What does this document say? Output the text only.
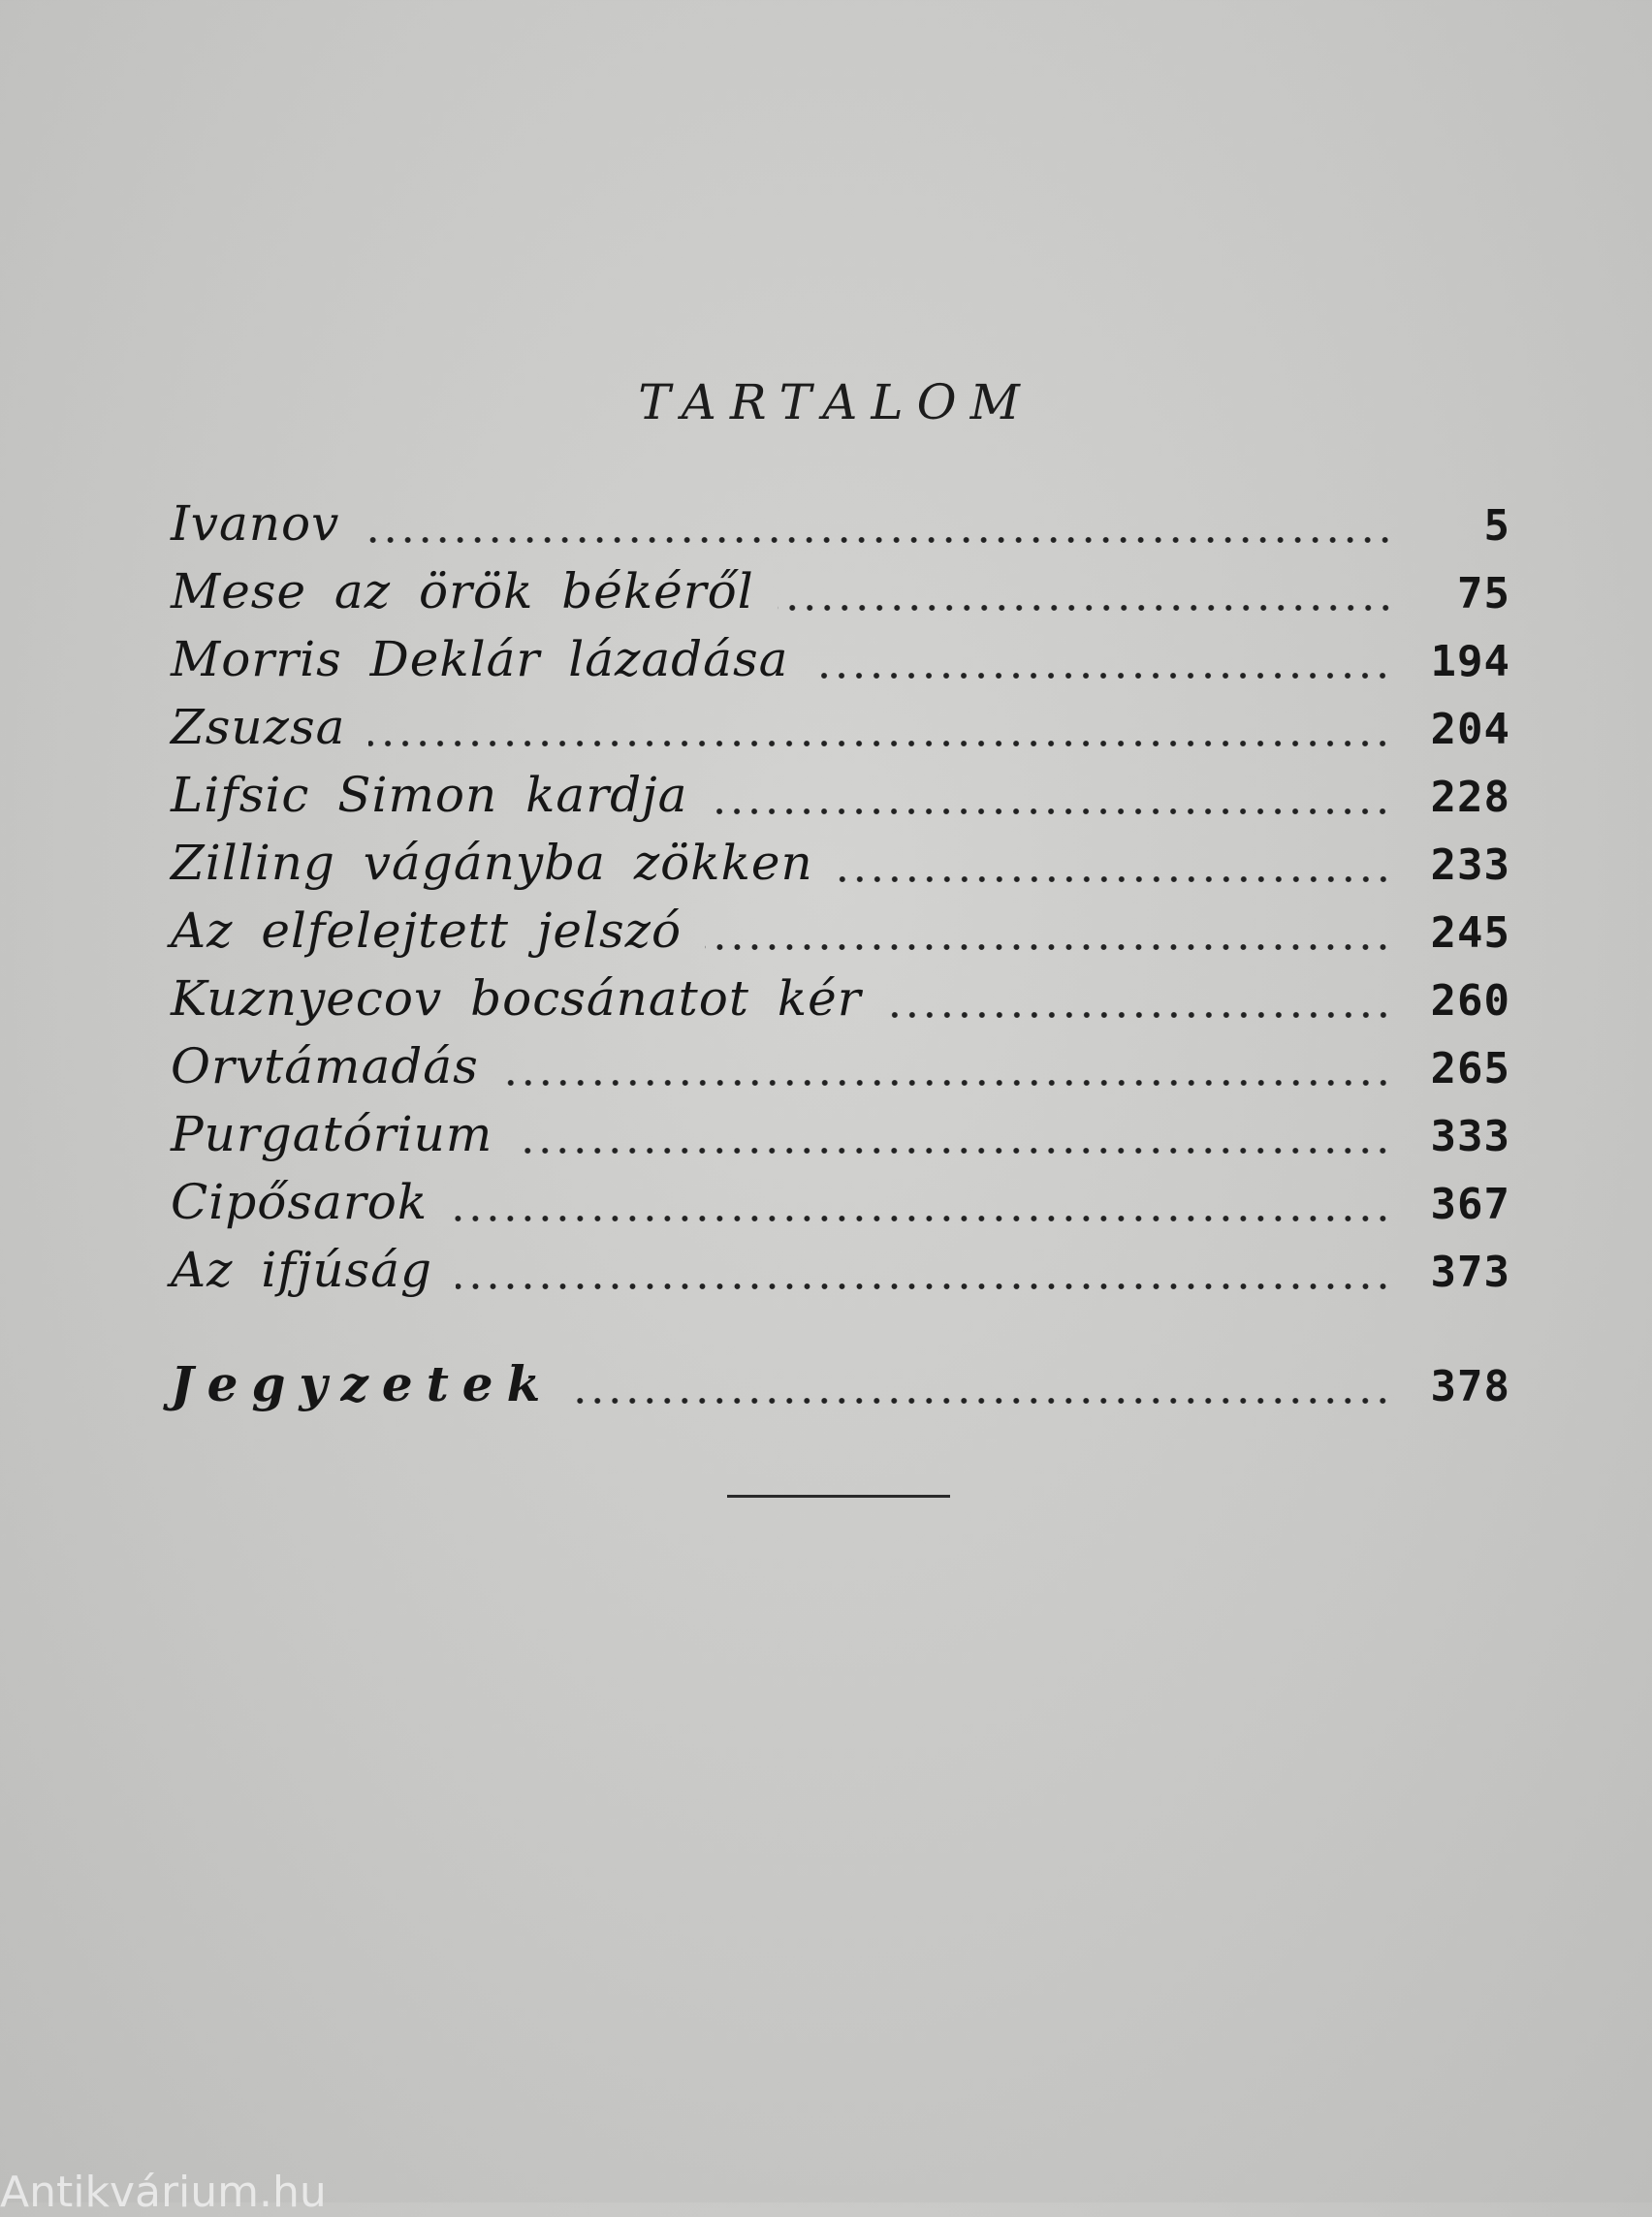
TARTALOM
Ivanov	5
Mese az örök békéről	75
Morris Deklár lázadása	194
Zsuzsa	204
Lifsic Simon kardja	228
Zilling vágányba zökken	233
Az elfelejtett jelszó	245
Kuznyecov bocsánatot kér	260
Orvtámadás	265
Purgatórium	333
Cipősarok	367
Az ifjúság	373
Jegyzetek	378
Antikvárium.hu
